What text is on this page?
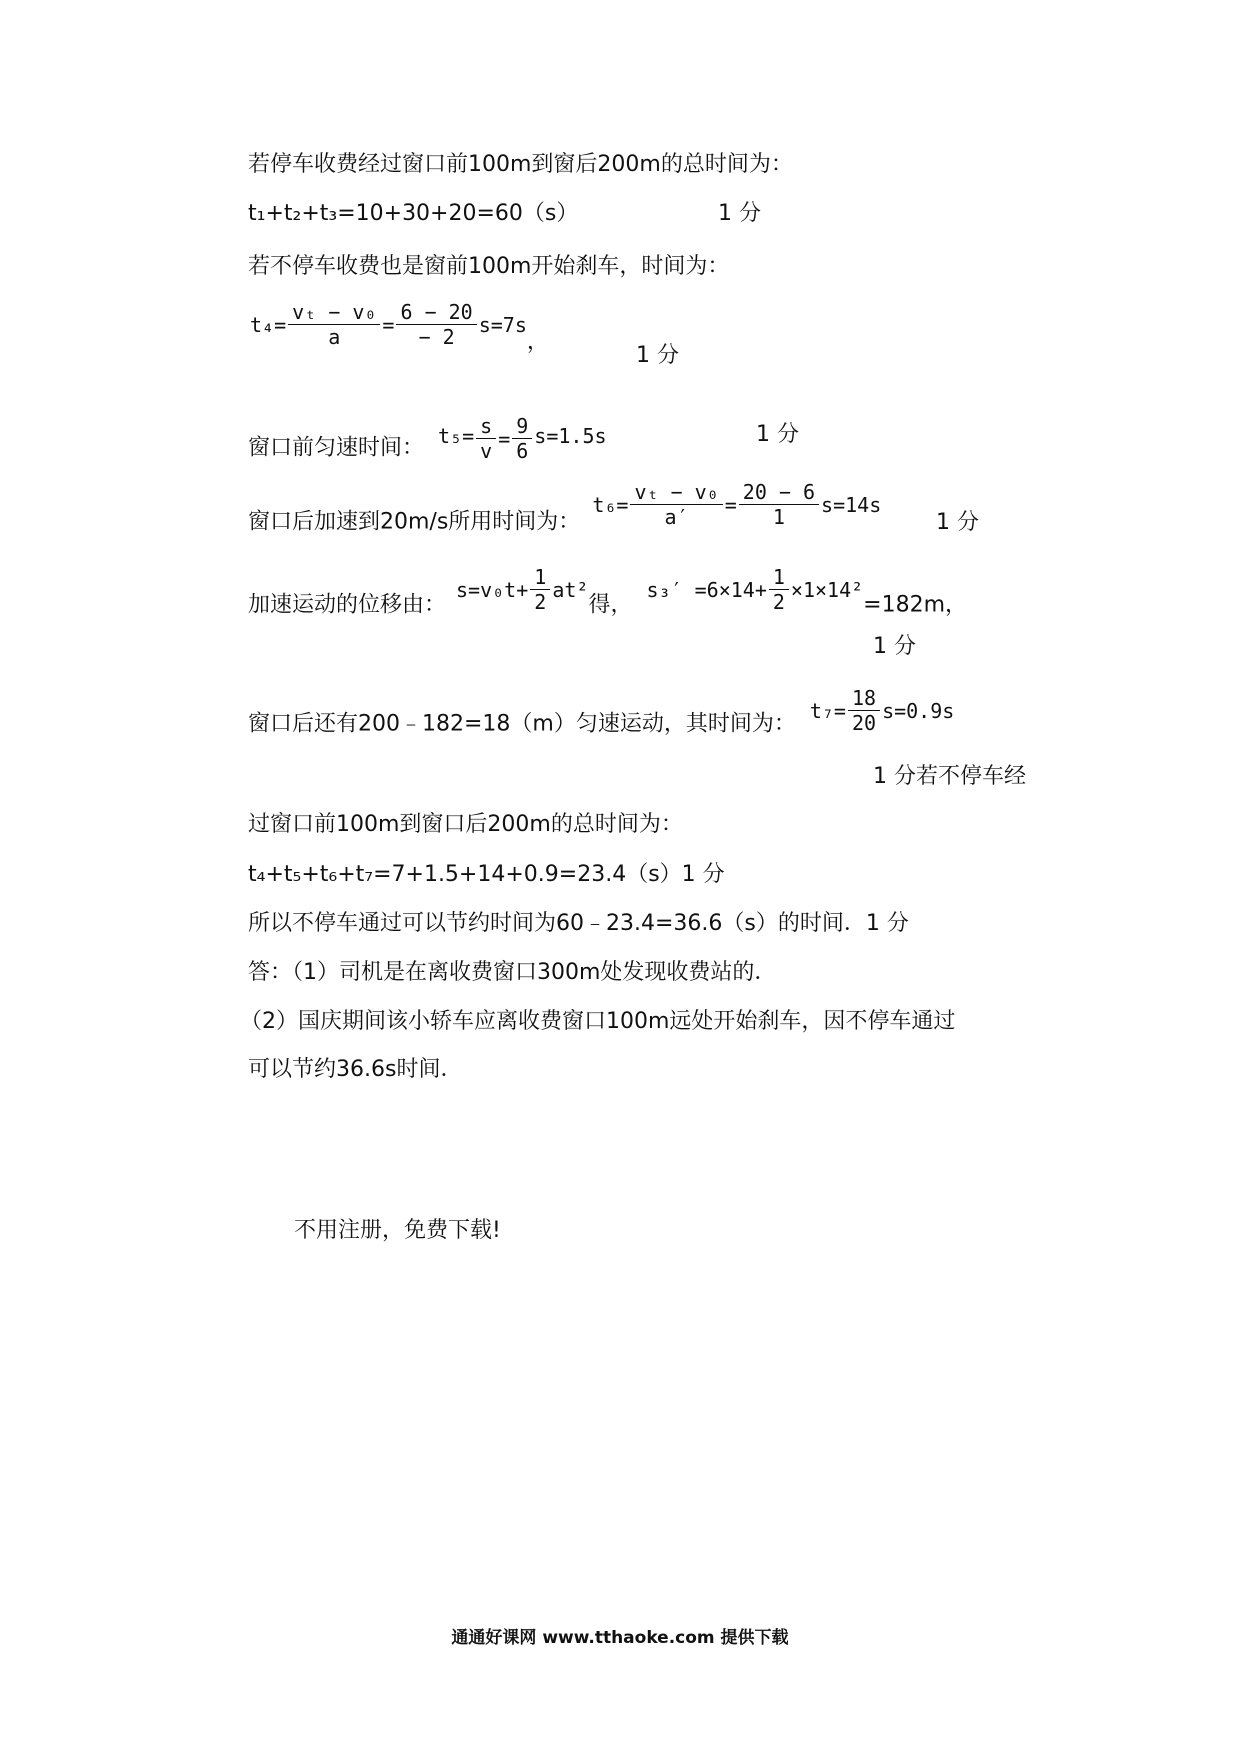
若停车收费经过窗口前100m到窗后200m的总时间为：
t₁+t₂+t₃=10+30+20=60（s）	1 分
若不停车收费也是窗前100m开始刹车，时间为：
$t_4= \frac{\text{vₜ − v₀}}{a} = \frac{6 - 20}{- 2} s=7s$，
1 分
窗口前匀速时间： $t_5= \frac{s}{v} = \frac{9}{6} s=1.5s$	1 分
窗口后加速到20m/s所用时间为：$t_6= \frac{\text{vₜ − v₀}}{a'} = \frac{20 - 6}{1} s=14s$
1 分
加速运动的位移由：$s=v_0t+ \frac{1}{2} at^2$得，$s_3' =6\times 14+ \frac{1}{2} \times 1\times 14^2=182m$，
1 分
窗口后还有200﹣182=18（m）匀速运动，其时间为：$t_7= \frac{18}{20} s=0.9s$
1 分若不停车经
过窗口前100m到窗口后200m的总时间为：
t₄+t₅+t₆+t₇=7+1.5+14+0.9=23.4（s）1 分
所以不停车通过可以节约时间为60﹣23.4=36.6（s）的时间．1 分
答：（1）司机是在离收费窗口300m处发现收费站的．
（2）国庆期间该小轿车应离收费窗口100m远处开始刹车，因不停车通过
可以节约36.6s时间．
不用注册，免费下载!
通通好课网 www.tthaoke.com 提供下载
